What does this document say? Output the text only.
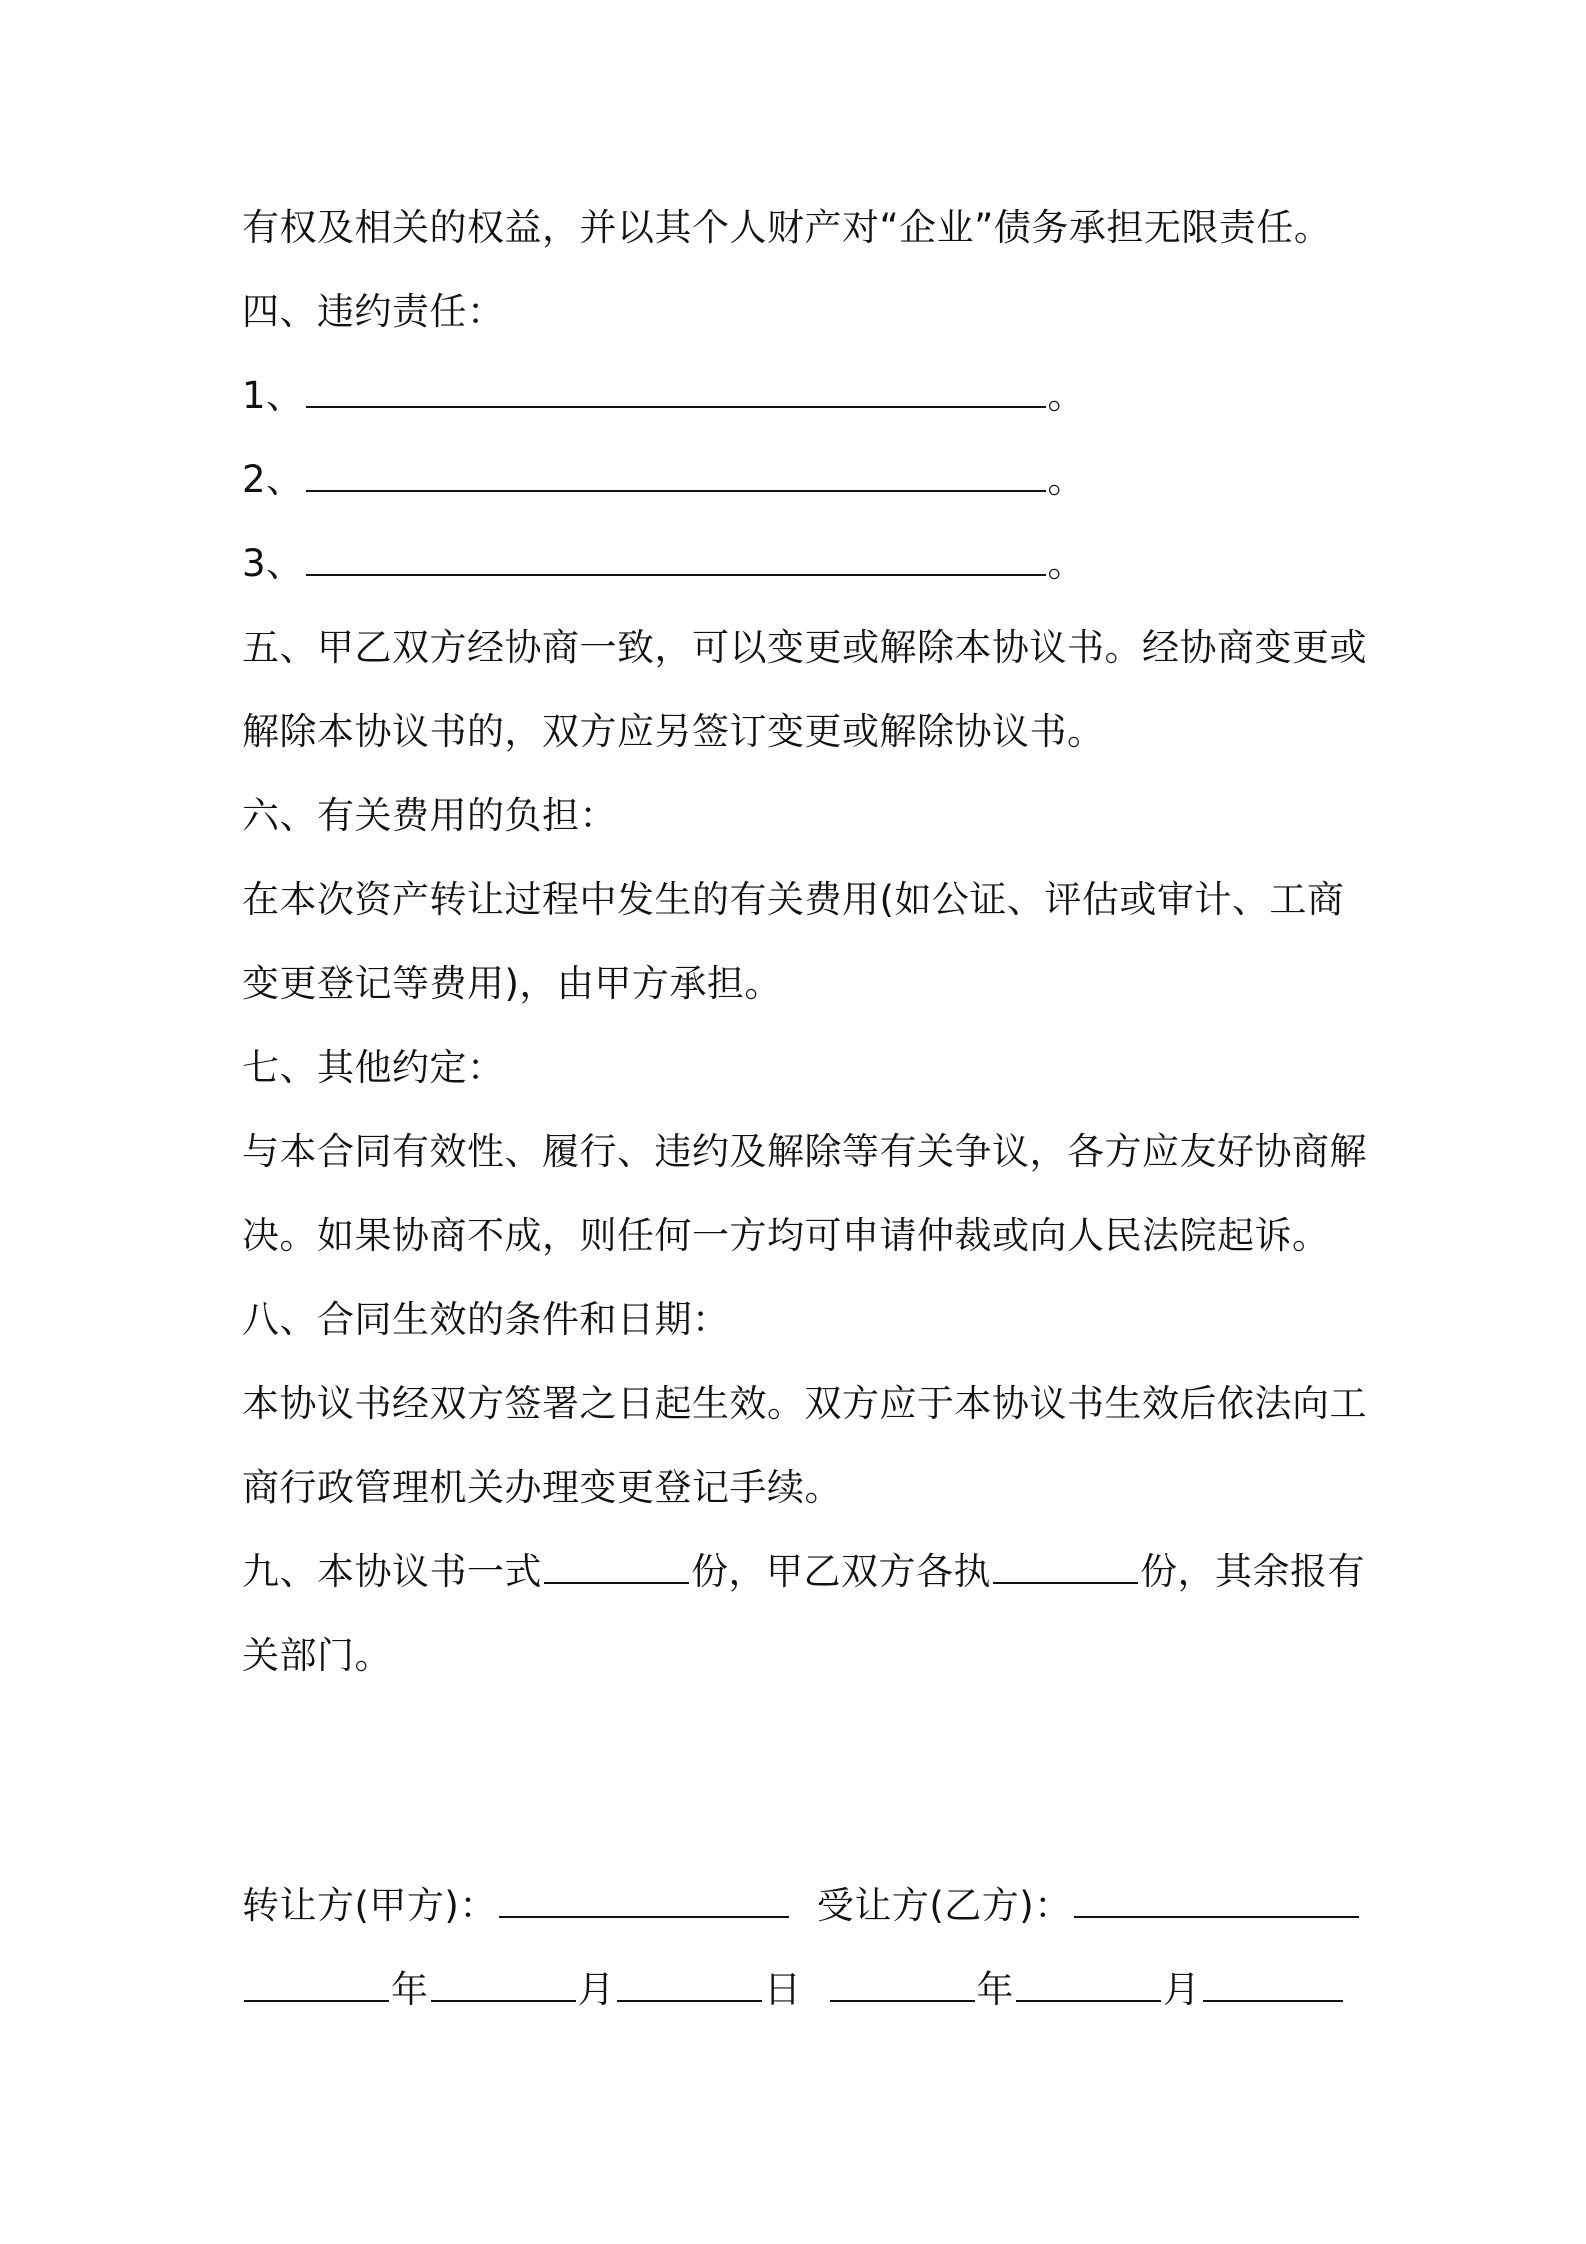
有权及相关的权益，并以其个人财产对“企业”债务承担无限责任。
四、违约责任：
1、	。
2、	。
3、	。
五、甲乙双方经协商一致，可以变更或解除本协议书。经协商变更或
解除本协议书的，双方应另签订变更或解除协议书。
六、有关费用的负担：
在本次资产转让过程中发生的有关费用(如公证、评估或审计、工商
变更登记等费用)，由甲方承担。
七、其他约定：
与本合同有效性、履行、违约及解除等有关争议，各方应友好协商解
决。如果协商不成，则任何一方均可申请仲裁或向人民法院起诉。
八、合同生效的条件和日期：
本协议书经双方签署之日起生效。双方应于本协议书生效后依法向工
商行政管理机关办理变更登记手续。
九、本协议书一式	份，甲乙双方各执	份，其余报有
关部门。
转让方(甲方)：	受让方(乙方)：
年	月	日	年	月
